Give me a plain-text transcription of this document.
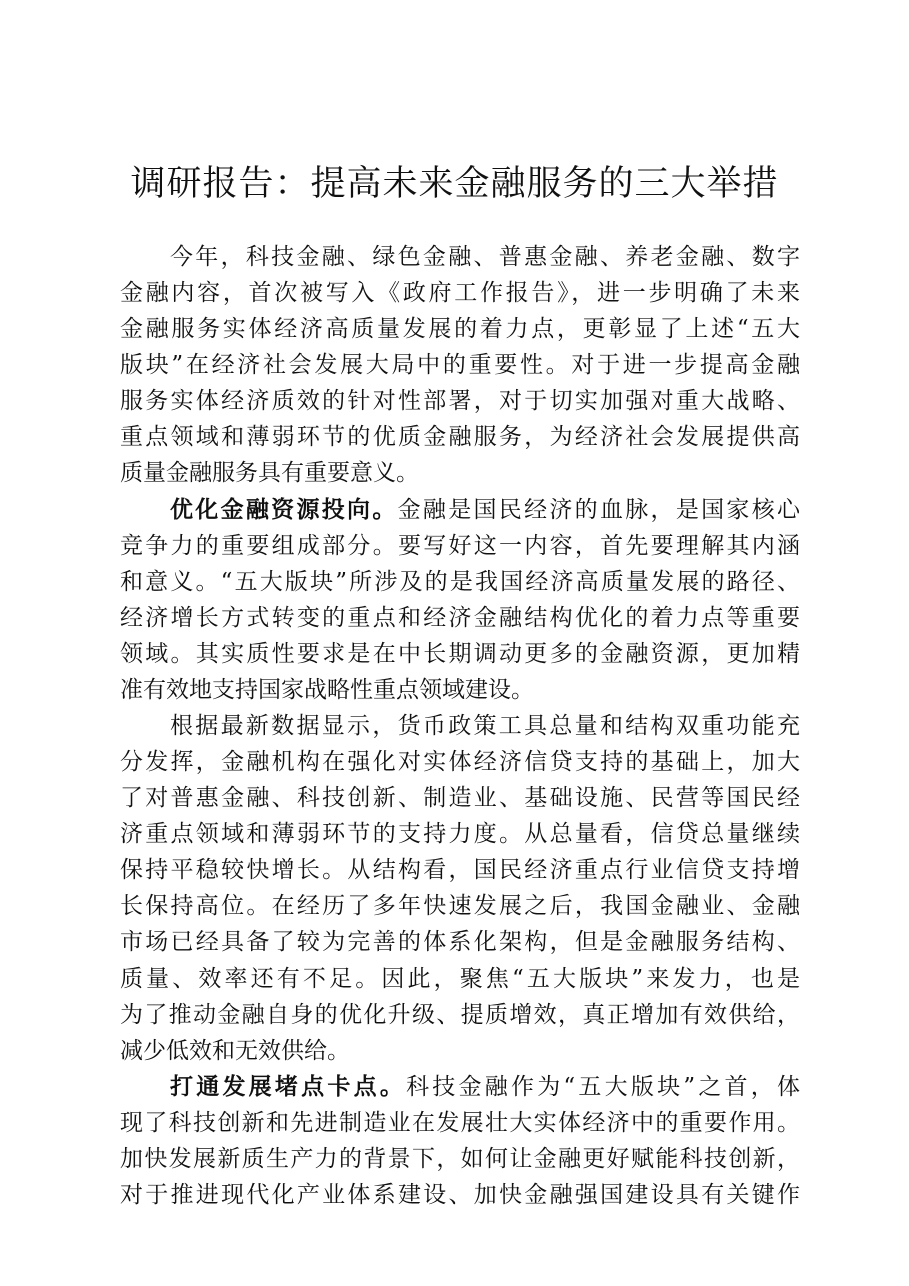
调研报告：提高未来金融服务的三大举措
今年，科技金融、绿色金融、普惠金融、养老金融、数字
金融内容，首次被写入《政府工作报告》，进一步明确了未来
金融服务实体经济高质量发展的着力点，更彰显了上述“五大
版块”在经济社会发展大局中的重要性。对于进一步提高金融
服务实体经济质效的针对性部署，对于切实加强对重大战略、
重点领域和薄弱环节的优质金融服务，为经济社会发展提供高
质量金融服务具有重要意义。
优化金融资源投向。金融是国民经济的血脉，是国家核心
竞争力的重要组成部分。要写好这一内容，首先要理解其内涵
和意义。“五大版块”所涉及的是我国经济高质量发展的路径、
经济增长方式转变的重点和经济金融结构优化的着力点等重要
领域。其实质性要求是在中长期调动更多的金融资源，更加精
准有效地支持国家战略性重点领域建设。
根据最新数据显示，货币政策工具总量和结构双重功能充
分发挥，金融机构在强化对实体经济信贷支持的基础上，加大
了对普惠金融、科技创新、制造业、基础设施、民营等国民经
济重点领域和薄弱环节的支持力度。从总量看，信贷总量继续
保持平稳较快增长。从结构看，国民经济重点行业信贷支持增
长保持高位。在经历了多年快速发展之后，我国金融业、金融
市场已经具备了较为完善的体系化架构，但是金融服务结构、
质量、效率还有不足。因此，聚焦“五大版块”来发力，也是
为了推动金融自身的优化升级、提质增效，真正增加有效供给，
减少低效和无效供给。
打通发展堵点卡点。科技金融作为“五大版块”之首，体
现了科技创新和先进制造业在发展壮大实体经济中的重要作用。
加快发展新质生产力的背景下，如何让金融更好赋能科技创新，
对于推进现代化产业体系建设、加快金融强国建设具有关键作
